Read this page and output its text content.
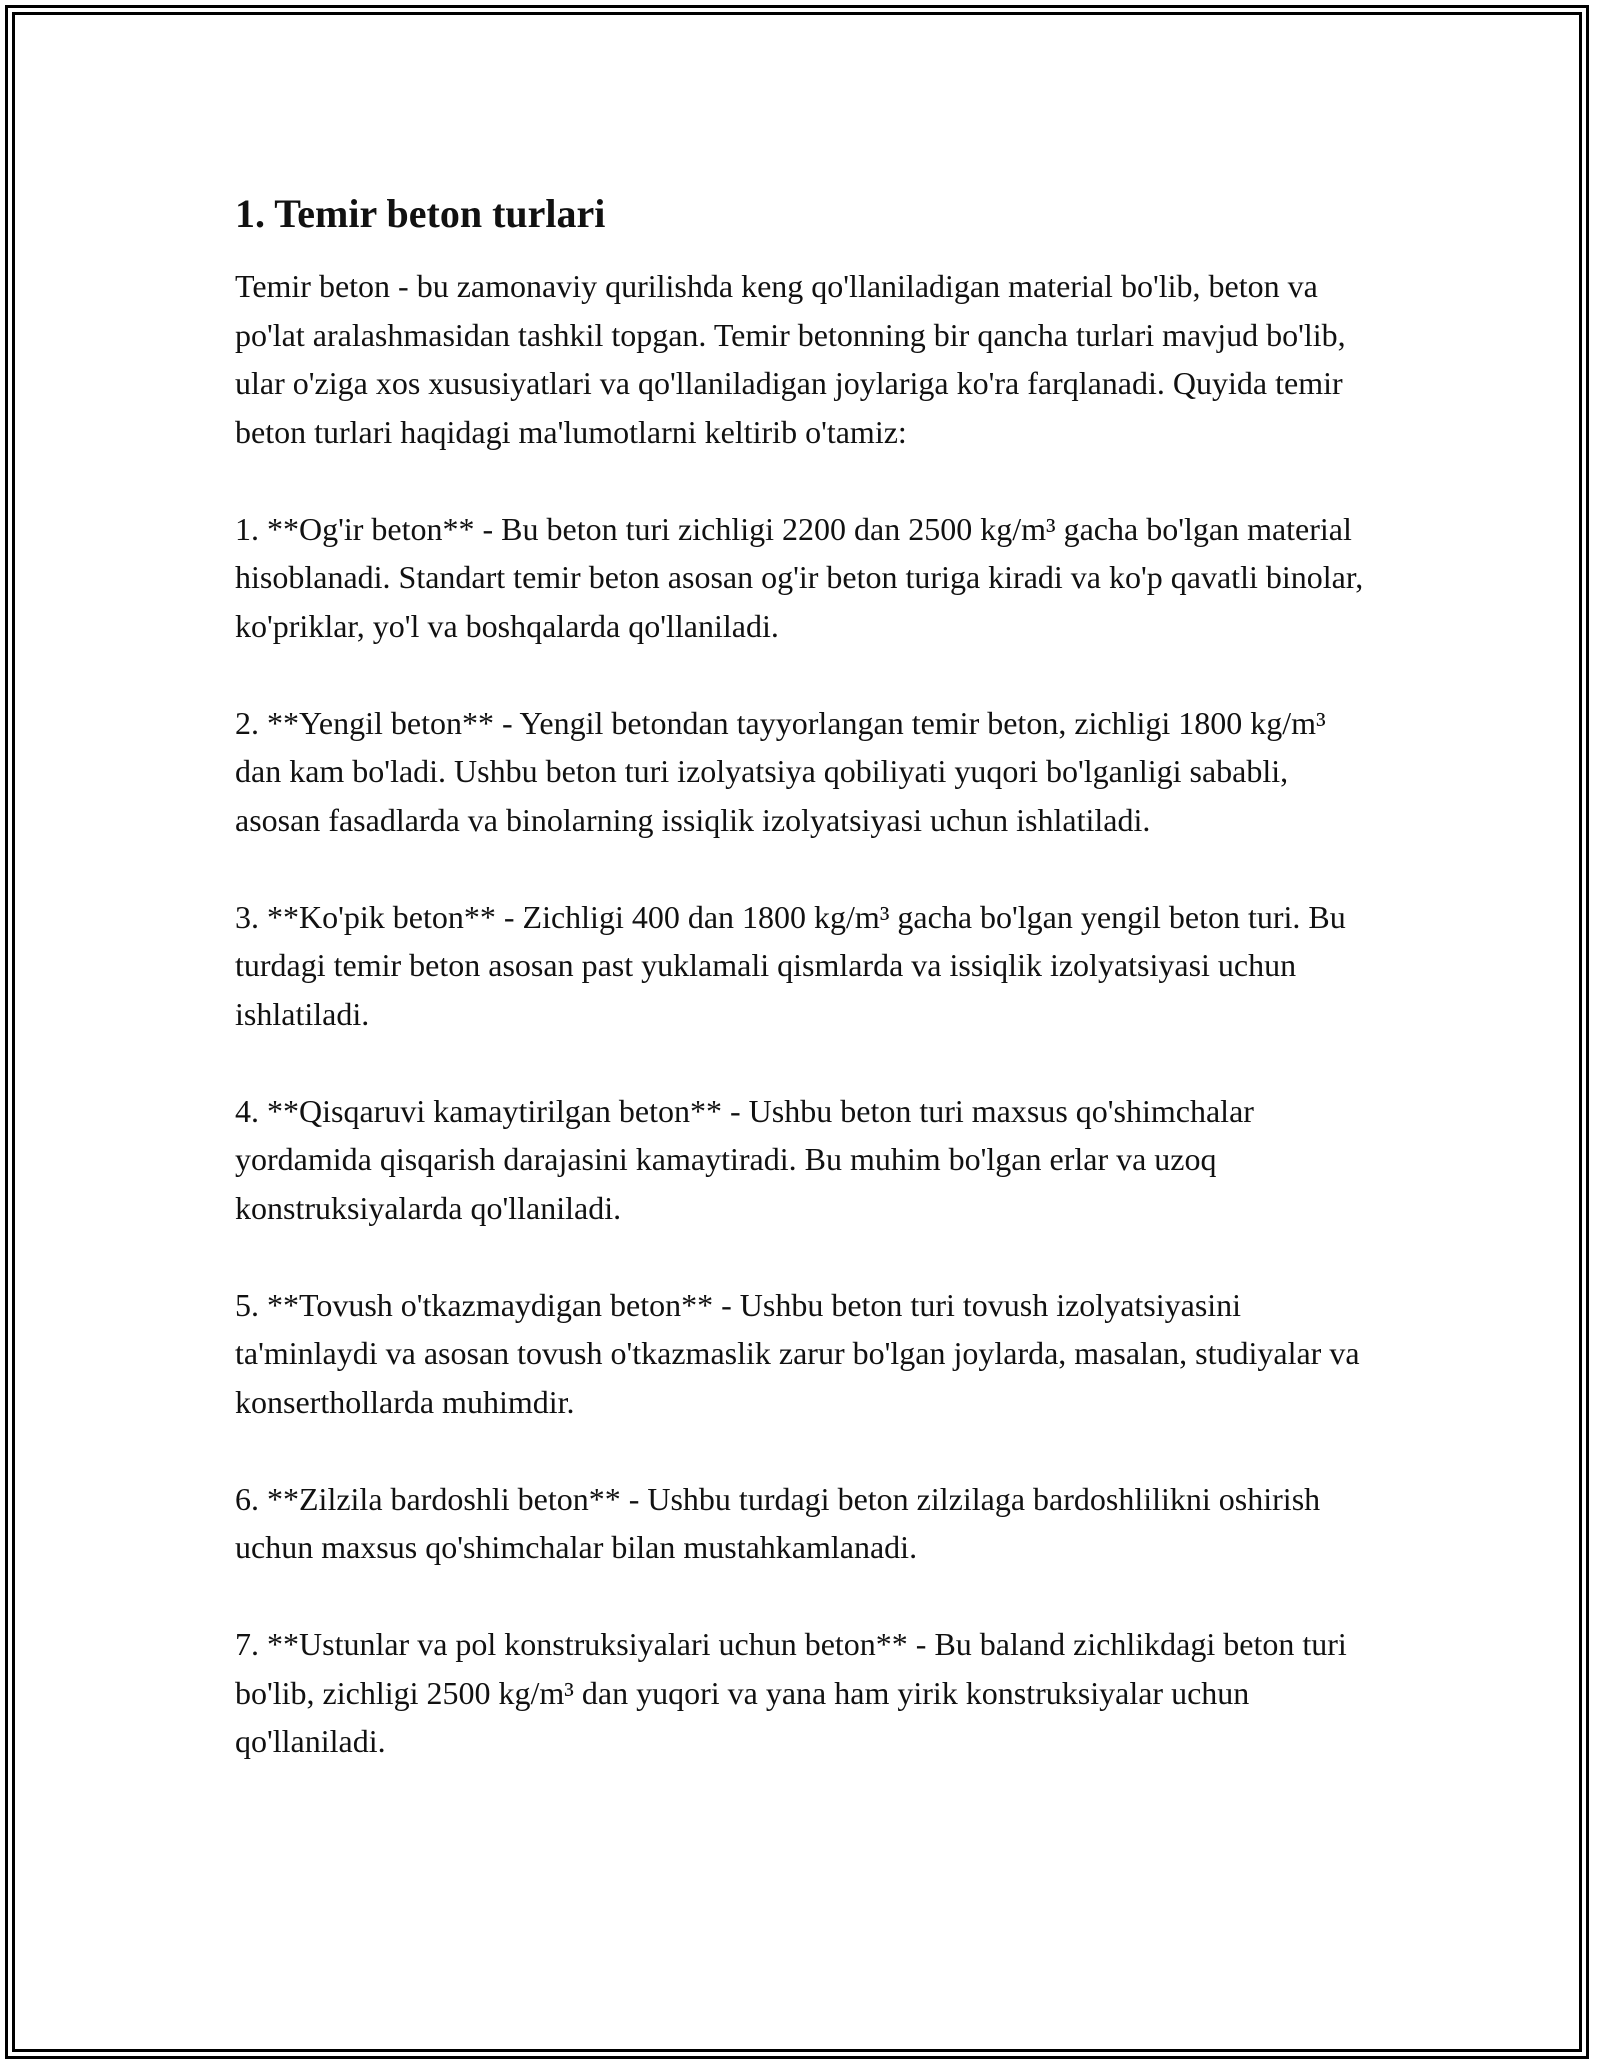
1. Temir beton turlari

Temir beton - bu zamonaviy qurilishda keng qo'llaniladigan material bo'lib, beton va po'lat aralashmasidan tashkil topgan. Temir betonning bir qancha turlari mavjud bo'lib, ular o'ziga xos xususiyatlari va qo'llaniladigan joylariga ko'ra farqlanadi. Quyida temir beton turlari haqidagi ma'lumotlarni keltirib o'tamiz:

1. **Og'ir beton** - Bu beton turi zichligi 2200 dan 2500 kg/m³ gacha bo'lgan material hisoblanadi. Standart temir beton asosan og'ir beton turiga kiradi va ko'p qavatli binolar, ko'priklar, yo'l va boshqalarda qo'llaniladi.

2. **Yengil beton** - Yengil betondan tayyorlangan temir beton, zichligi 1800 kg/m³ dan kam bo'ladi. Ushbu beton turi izolyatsiya qobiliyati yuqori bo'lganligi sababli, asosan fasadlarda va binolarning issiqlik izolyatsiyasi uchun ishlatiladi.

3. **Ko'pik beton** - Zichligi 400 dan 1800 kg/m³ gacha bo'lgan yengil beton turi. Bu turdagi temir beton asosan past yuklamali qismlarda va issiqlik izolyatsiyasi uchun ishlatiladi.

4. **Qisqaruvi kamaytirilgan beton** - Ushbu beton turi maxsus qo'shimchalar yordamida qisqarish darajasini kamaytiradi. Bu muhim bo'lgan erlar va uzoq konstruksiyalarda qo'llaniladi.

5. **Tovush o'tkazmaydigan beton** - Ushbu beton turi tovush izolyatsiyasini ta'minlaydi va asosan tovush o'tkazmaslik zarur bo'lgan joylarda, masalan, studiyalar va konserthollarda muhimdir.

6. **Zilzila bardoshli beton** - Ushbu turdagi beton zilzilaga bardoshlilikni oshirish uchun maxsus qo'shimchalar bilan mustahkamlanadi.

7. **Ustunlar va pol konstruksiyalari uchun beton** - Bu baland zichlikdagi beton turi bo'lib, zichligi 2500 kg/m³ dan yuqori va yana ham yirik konstruksiyalar uchun qo'llaniladi.
